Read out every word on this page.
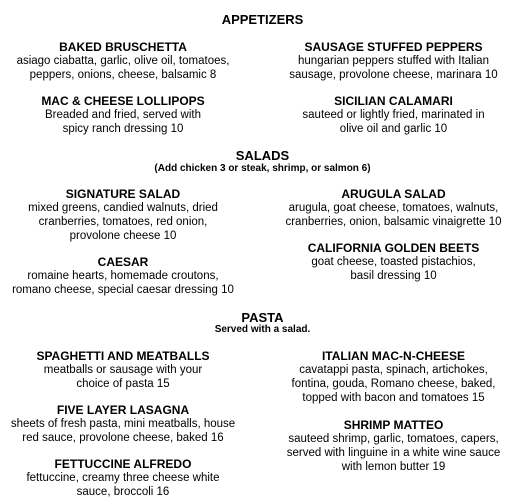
APPETIZERS
BAKED BRUSCHETTA
asiago ciabatta, garlic, olive oil, tomatoes,
peppers, onions, cheese, balsamic 8
SAUSAGE STUFFED PEPPERS
hungarian peppers stuffed with Italian
sausage, provolone cheese, marinara 10
MAC & CHEESE LOLLIPOPS
Breaded and fried, served with
spicy ranch dressing 10
SICILIAN CALAMARI
sauteed or lightly fried, marinated in
olive oil and garlic 10
SALADS
(Add chicken 3 or steak, shrimp, or salmon 6)
SIGNATURE SALAD
mixed greens, candied walnuts, dried
cranberries, tomatoes, red onion,
provolone cheese 10
ARUGULA SALAD
arugula, goat cheese, tomatoes, walnuts,
cranberries, onion, balsamic vinaigrette 10
CAESAR
romaine hearts, homemade croutons,
romano cheese, special caesar dressing 10
CALIFORNIA GOLDEN BEETS
goat cheese, toasted pistachios,
basil dressing 10
PASTA
Served with a salad.
SPAGHETTI AND MEATBALLS
meatballs or sausage with your
choice of pasta 15
ITALIAN MAC-N-CHEESE
cavatappi pasta, spinach, artichokes,
fontina, gouda, Romano cheese, baked,
topped with bacon and tomatoes 15
FIVE LAYER LASAGNA
sheets of fresh pasta, mini meatballs, house
red sauce, provolone cheese, baked 16
SHRIMP MATTEO
sauteed shrimp, garlic, tomatoes, capers,
served with linguine in a white wine sauce
with lemon butter 19
FETTUCCINE ALFREDO
fettuccine, creamy three cheese white
sauce, broccoli 16
